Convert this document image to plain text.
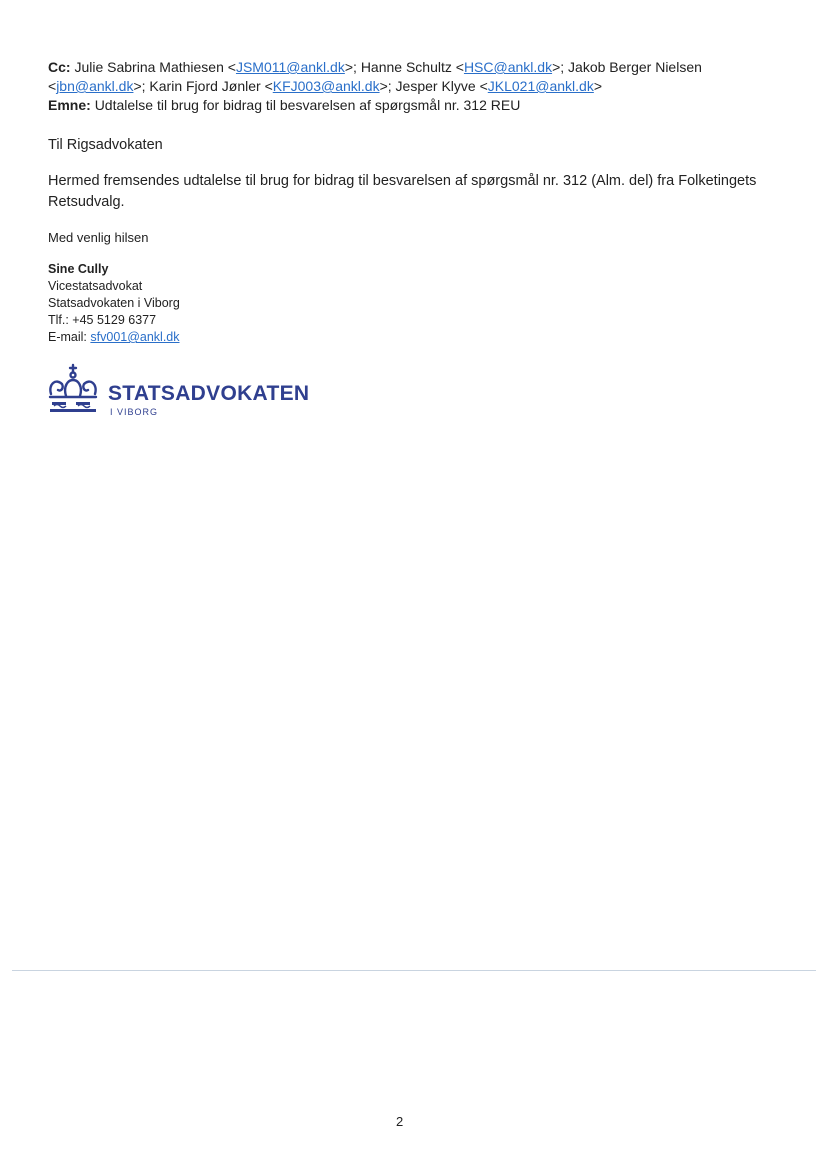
Cc: Julie Sabrina Mathiesen <JSM011@ankl.dk>; Hanne Schultz <HSC@ankl.dk>; Jakob Berger Nielsen <jbn@ankl.dk>; Karin Fjord Jønler <KFJ003@ankl.dk>; Jesper Klyve <JKL021@ankl.dk>
Emne: Udtalelse til brug for bidrag til besvarelsen af spørgsmål nr. 312 REU
Til Rigsadvokaten
Hermed fremsendes udtalelse til brug for bidrag til besvarelsen af spørgsmål nr. 312 (Alm. del) fra Folketingets Retsudvalg.
Med venlig hilsen
Sine Cully
Vicestatsadvokat
Statsadvokaten i Viborg
Tlf.: +45 5129 6377
E-mail: sfv001@ankl.dk
STATSADVOKATEN
I VIBORG
2
